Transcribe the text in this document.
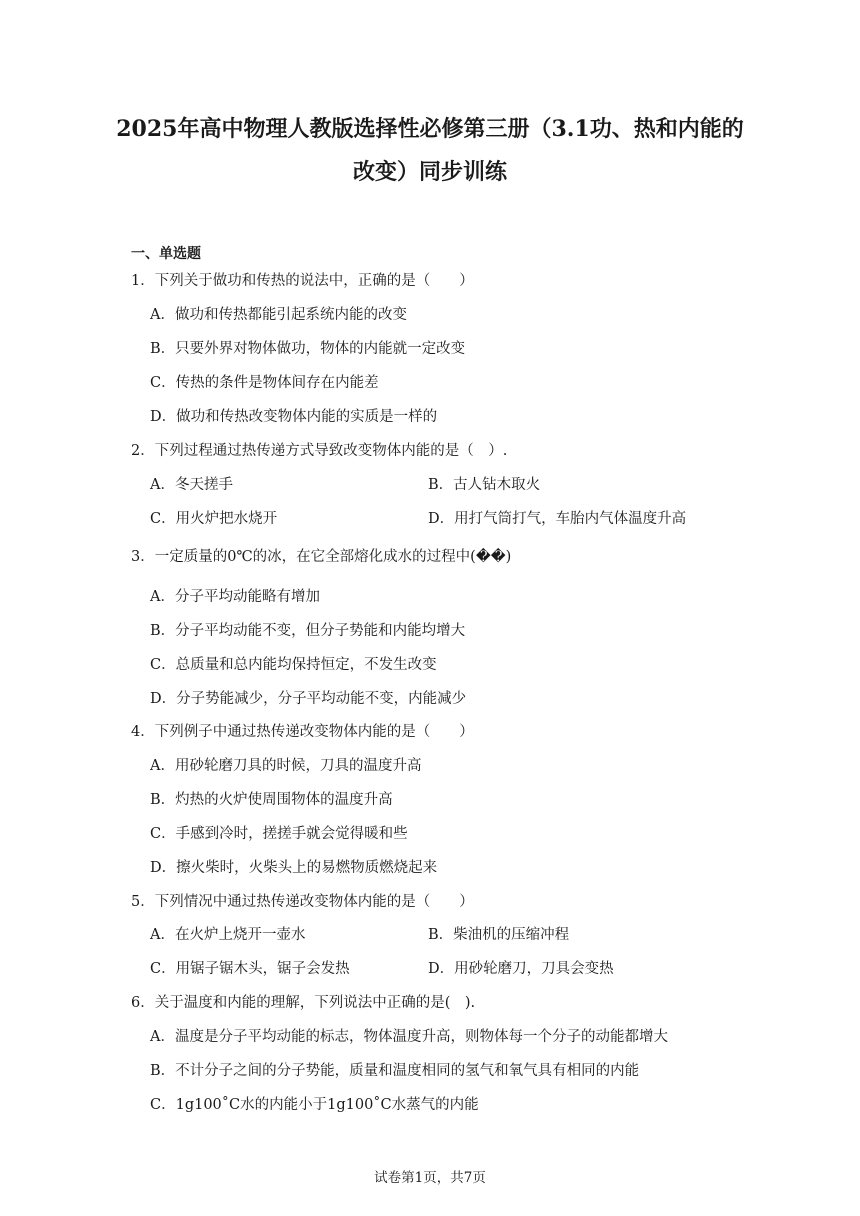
2025年高中物理人教版选择性必修第三册（3.1功、热和内能的
改变）同步训练
一、单选题
1．下列关于做功和传热的说法中，正确的是（　　）
A．做功和传热都能引起系统内能的改变
B．只要外界对物体做功，物体的内能就一定改变
C．传热的条件是物体间存在内能差
D．做功和传热改变物体内能的实质是一样的
2．下列过程通过热传递方式导致改变物体内能的是（　）.
A．冬天搓手	B．古人钻木取火
C．用火炉把水烧开	D．用打气筒打气，车胎内气体温度升高
3．一定质量的0℃的冰，在它全部熔化成水的过程中(��)
A．分子平均动能略有增加
B．分子平均动能不变，但分子势能和内能均增大
C．总质量和总内能均保持恒定，不发生改变
D．分子势能减少，分子平均动能不变，内能减少
4．下列例子中通过热传递改变物体内能的是（　　）
A．用砂轮磨刀具的时候，刀具的温度升高
B．灼热的火炉使周围物体的温度升高
C．手感到冷时，搓搓手就会觉得暖和些
D．擦火柴时，火柴头上的易燃物质燃烧起来
5．下列情况中通过热传递改变物体内能的是（　　）
A．在火炉上烧开一壶水	B．柴油机的压缩冲程
C．用锯子锯木头，锯子会发热	D．用砂轮磨刀，刀具会变热
6．关于温度和内能的理解，下列说法中正确的是(　).
A．温度是分子平均动能的标志，物体温度升高，则物体每一个分子的动能都增大
B．不计分子之间的分子势能，质量和温度相同的氢气和氧气具有相同的内能
C．1g100˚C水的内能小于1g100˚C水蒸气的内能
试卷第1页，共7页
